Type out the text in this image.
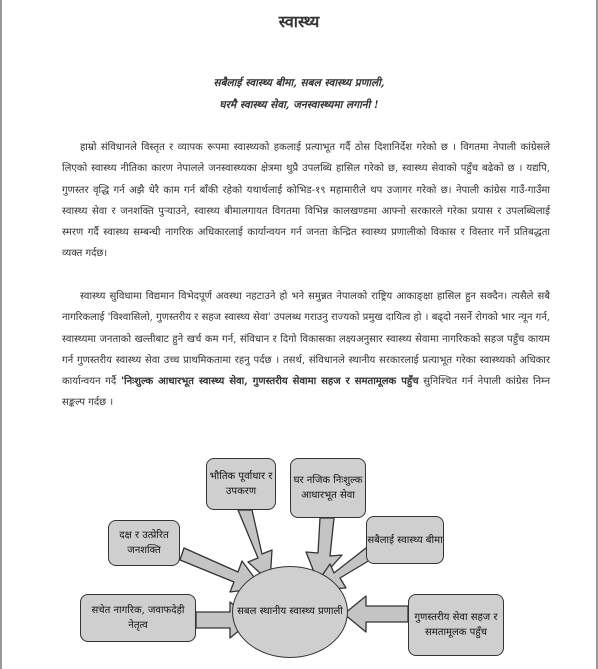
स्वास्थ्य
सबैलाई स्वास्थ्य बीमा, सबल स्वास्थ्य प्रणाली,
घरमै स्वास्थ्य सेवा, जनस्वास्थ्यमा लगानी !

हाम्रो संविधानले विस्तृत र व्यापक रूपमा स्वास्थ्यको हकलाई प्रत्याभूत गर्दै ठोस दिशानिर्देश गरेको छ । विगतमा नेपाली कांग्रेसले लिएको स्वास्थ्य नीतिका कारण नेपालले जनस्वास्थ्यका क्षेत्रमा थुप्रै उपलब्धि हासिल गरेको छ, स्वास्थ्य सेवाको पहुँच बढेको छ । यद्यपि, गुणस्तर वृद्धि गर्न अझै धेरै काम गर्न बाँकी रहेको यथार्थलाई कोभिड-१९ महामारीले थप उजागर गरेको छ। नेपाली कांग्रेस गाउँ-गाउँमा स्वास्थ्य सेवा र जनशक्ति पुऱ्याउने, स्वास्थ्य बीमालगायत विगतमा विभिन्न कालखण्डमा आफ्नो सरकारले गरेका प्रयास र उपलब्धिलाई स्मरण गर्दै स्वास्थ्य सम्बन्धी नागरिक अधिकारलाई कार्यान्वयन गर्न जनता केन्द्रित स्वास्थ्य प्रणालीको विकास र विस्तार गर्ने प्रतिबद्धता व्यक्त गर्दछ।

स्वास्थ्य सुविधामा विद्यमान विभेदपूर्ण अवस्था नहटाउने हो भने समुन्नत नेपालको राष्ट्रिय आकाङ्क्षा हासिल हुन सक्दैन। त्यसैले सबै नागरिकलाई 'विश्वासिलो, गुणस्तरीय र सहज स्वास्थ्य सेवा' उपलब्ध गराउनु राज्यको प्रमुख दायित्व हो । बढ्दो नसर्ने रोगको भार न्यून गर्न, स्वास्थ्यमा जनताको खल्तीबाट हुने खर्च कम गर्न, संविधान र दिगो विकासका लक्ष्यअनुसार स्वास्थ्य सेवामा नागरिकको सहज पहुँच कायम गर्न गुणस्तरीय स्वास्थ्य सेवा उच्च प्राथमिकतामा रहनु पर्दछ । तसर्थ, संविधानले स्थानीय सरकारलाई प्रत्याभूत गरेका स्वास्थ्यको अधिकार कार्यान्वयन गर्दै 'निःशुल्क आधारभूत स्वास्थ्य सेवा, गुणस्तरीय सेवामा सहज र समतामूलक पहुँच सुनिश्चित गर्न नेपाली कांग्रेस निम्न सङ्कल्प गर्दछ ।

भौतिक पूर्वाधार र उपकरण
घर नजिक निःशुल्क आधारभूत सेवा
दक्ष र उत्प्रेरित जनशक्ति
सबैलाई स्वास्थ्य बीमा
सचेत नागरिक, जवाफदेही नेतृत्व
गुणस्तरीय सेवा सहज र समतामूलक पहुँच
सबल स्थानीय स्वास्थ्य प्रणाली
